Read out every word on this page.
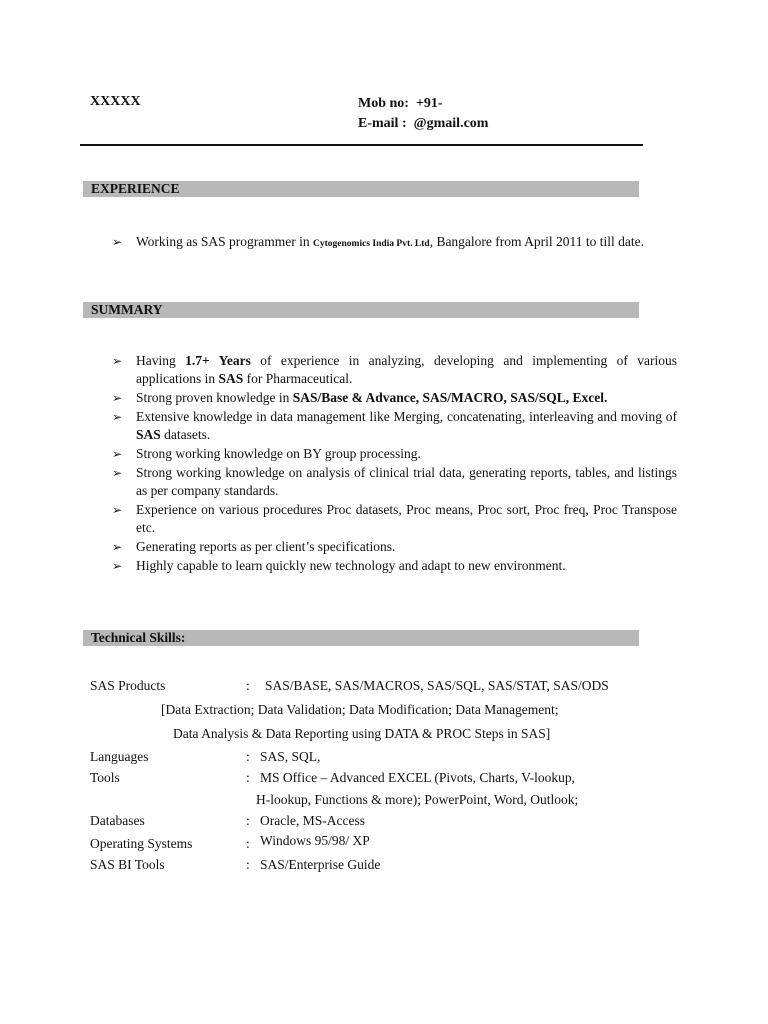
XXXXX	Mob no: +91-
E-mail : @gmail.com
EXPERIENCE
➢ Working as SAS programmer in Cytogenomics India Pvt. Ltd, Bangalore from April 2011 to till date.
SUMMARY
➢ Having 1.7+ Years of experience in analyzing, developing and implementing of various applications in SAS for Pharmaceutical.
➢ Strong proven knowledge in SAS/Base & Advance, SAS/MACRO, SAS/SQL, Excel.
➢ Extensive knowledge in data management like Merging, concatenating, interleaving and moving of SAS datasets.
➢ Strong working knowledge on BY group processing.
➢ Strong working knowledge on analysis of clinical trial data, generating reports, tables, and listings as per company standards.
➢ Experience on various procedures Proc datasets, Proc means, Proc sort, Proc freq, Proc Transpose etc.
➢ Generating reports as per client’s specifications.
➢ Highly capable to learn quickly new technology and adapt to new environment.
Technical Skills:
SAS Products	: SAS/BASE, SAS/MACROS, SAS/SQL, SAS/STAT, SAS/ODS
[Data Extraction; Data Validation; Data Modification; Data Management;
Data Analysis & Data Reporting using DATA & PROC Steps in SAS]
Languages	: SAS, SQL,
Tools	: MS Office – Advanced EXCEL (Pivots, Charts, V-lookup,
H-lookup, Functions & more); PowerPoint, Word, Outlook;
Databases	: Oracle, MS-Access
Operating Systems	: Windows 95/98/ XP
SAS BI Tools	: SAS/Enterprise Guide
